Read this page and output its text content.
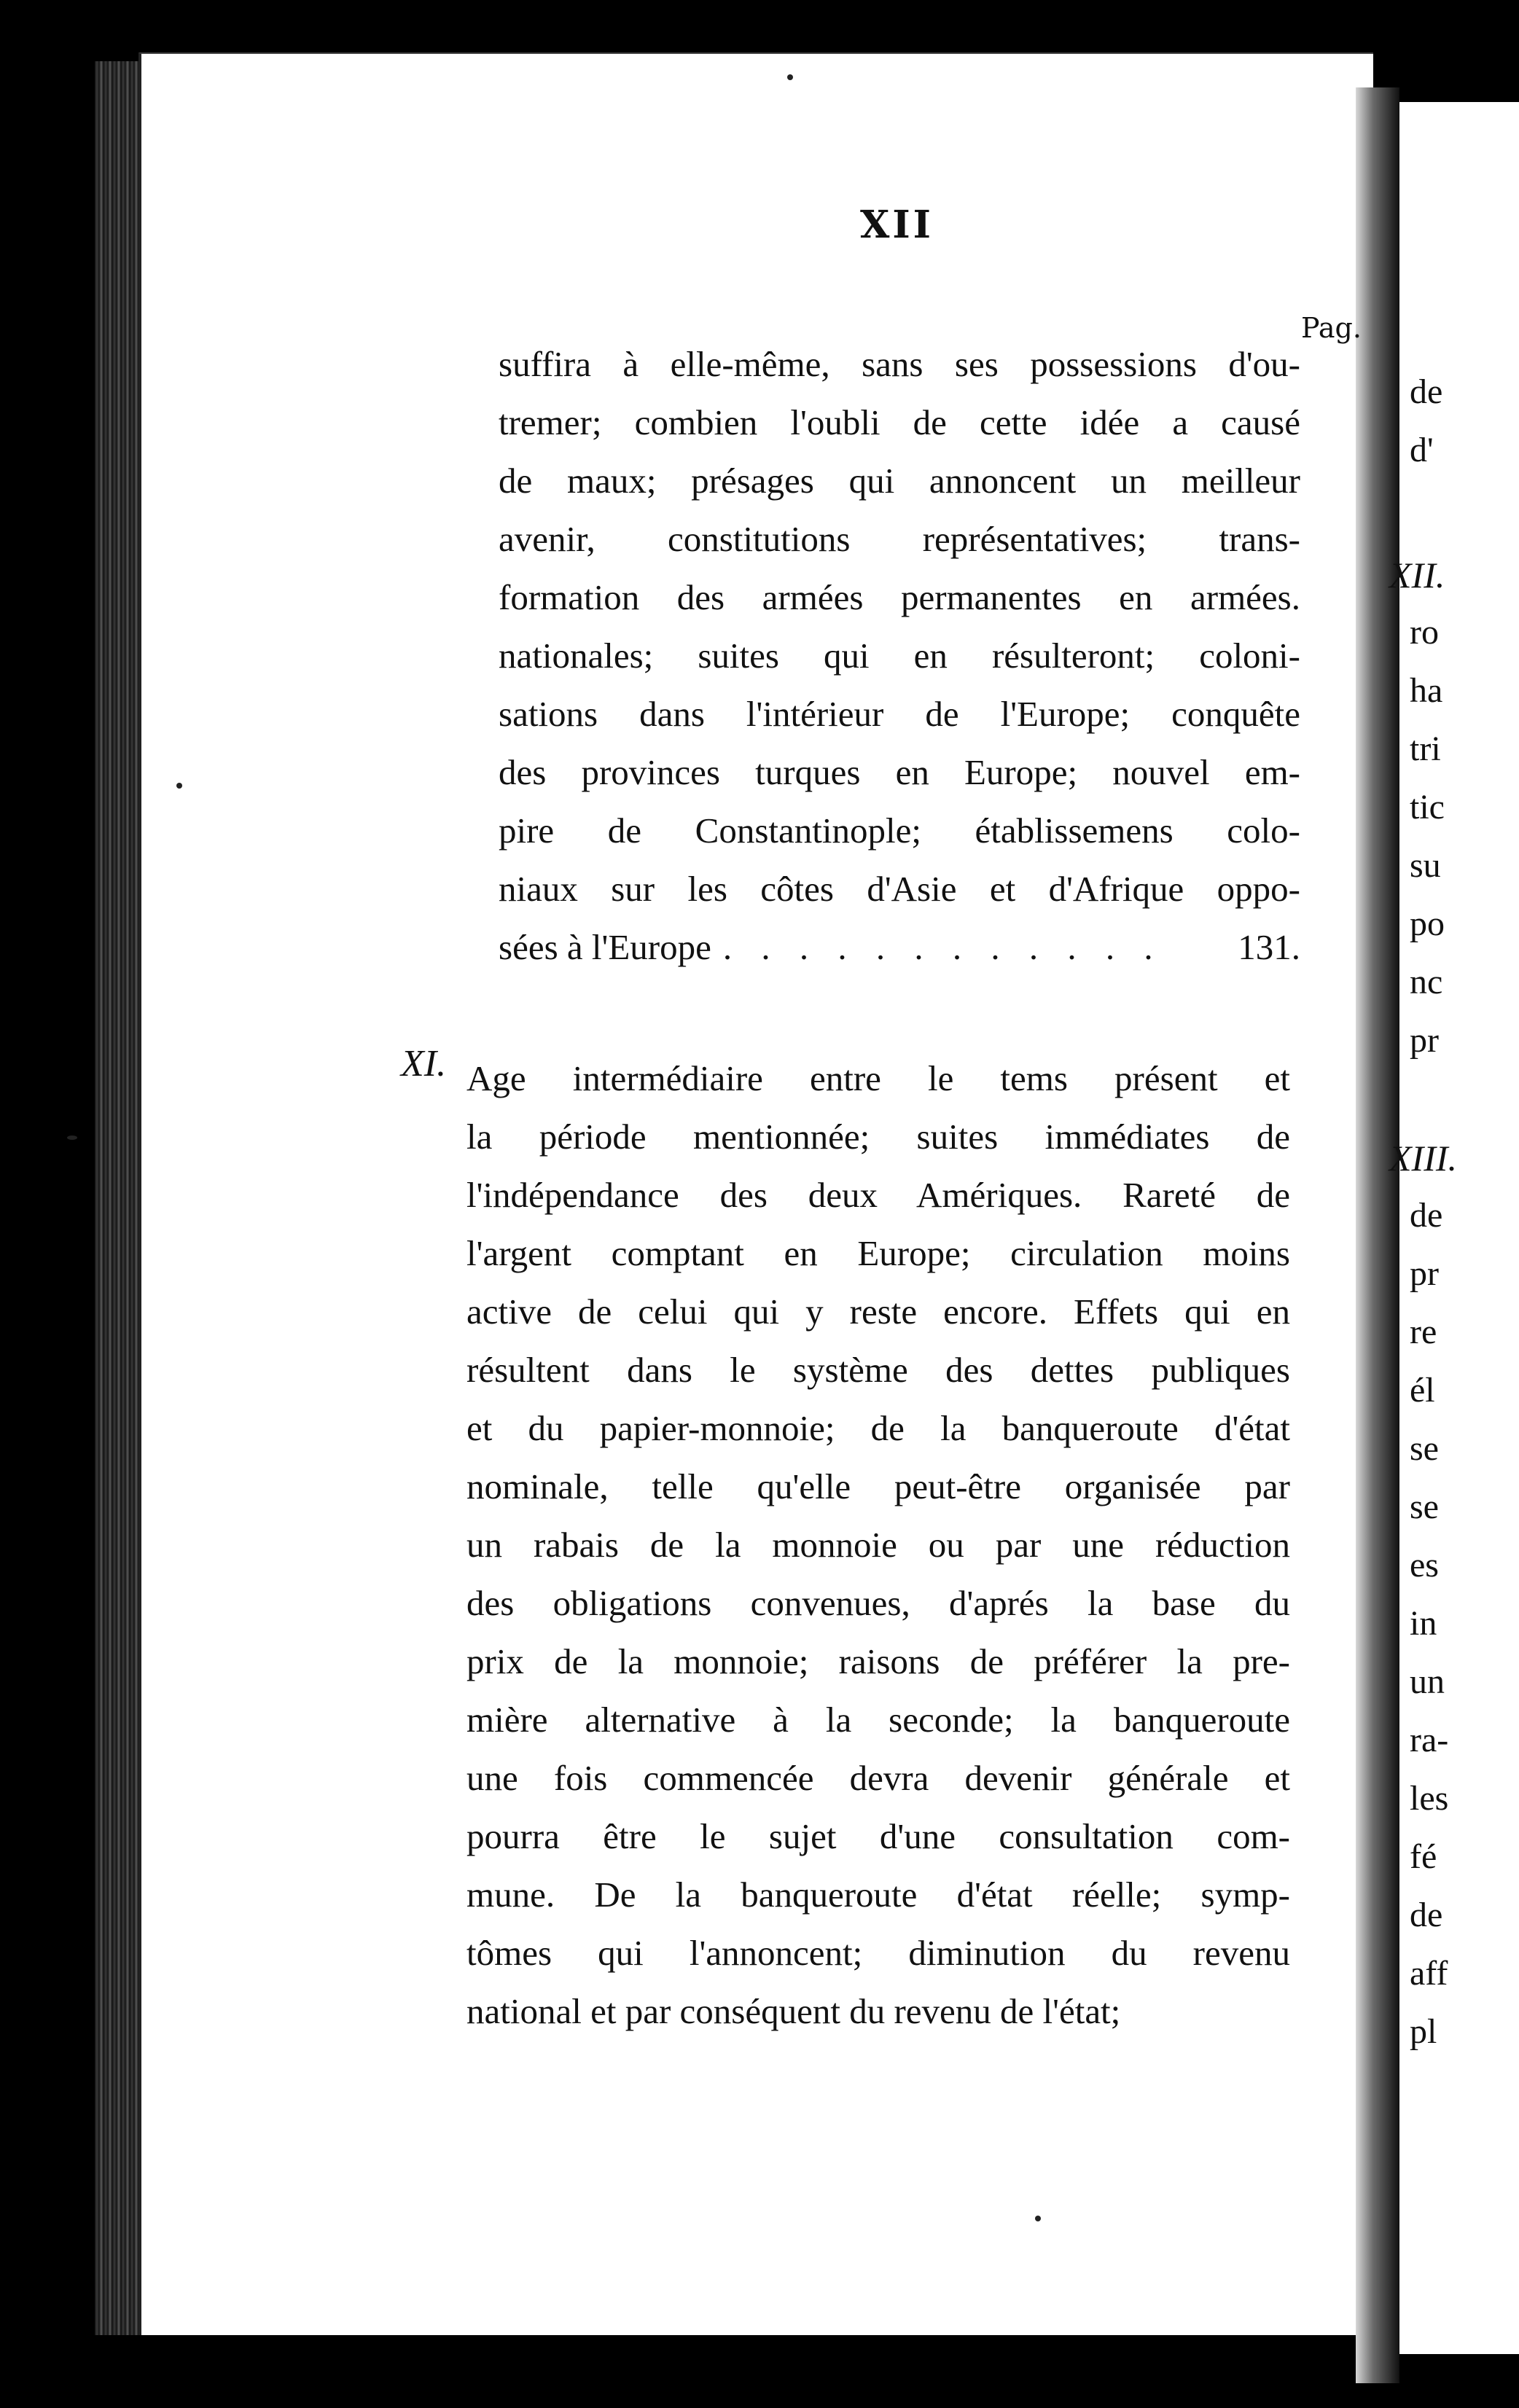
XII
Pag.
suffira à elle-même, sans ses possessions d'ou-
tremer; combien l'oubli de cette idée a causé
de maux; présages qui annoncent un meilleur
avenir, constitutions représentatives; trans-
formation des armées permanentes en armées.
nationales; suites qui en résulteront; coloni-
sations dans l'intérieur de l'Europe; conquête
des provinces turques en Europe; nouvel em-
pire de Constantinople; établissemens colo-
niaux sur les côtes d'Asie et d'Afrique oppo-
sées à l'Europe . . . . . . . . . . . .	131.
XI. Age intermédiaire entre le tems présent et
la période mentionnée; suites immédiates de
l'indépendance des deux Amériques. Rareté de
l'argent comptant en Europe; circulation moins
active de celui qui y reste encore. Effets qui en
résultent dans le système des dettes publiques
et du papier-monnoie; de la banqueroute d'état
nominale, telle qu'elle peut-être organisée par
un rabais de la monnoie ou par une réduction
des obligations convenues, d'aprés la base du
prix de la monnoie; raisons de préférer la pre-
mière alternative à la seconde; la banqueroute
une fois commencée devra devenir générale et
pourra être le sujet d'une consultation com-
mune. De la banqueroute d'état réelle; symp-
tômes qui l'annoncent; diminution du revenu
national et par conséquent du revenu de l'état;
de
d'
XII.
ro
ha
tri
tic
su
po
nc
pr
XIII.
de
pr
re
él
se
se
es
in
un
ra-
les
fé
de
aff
pl
